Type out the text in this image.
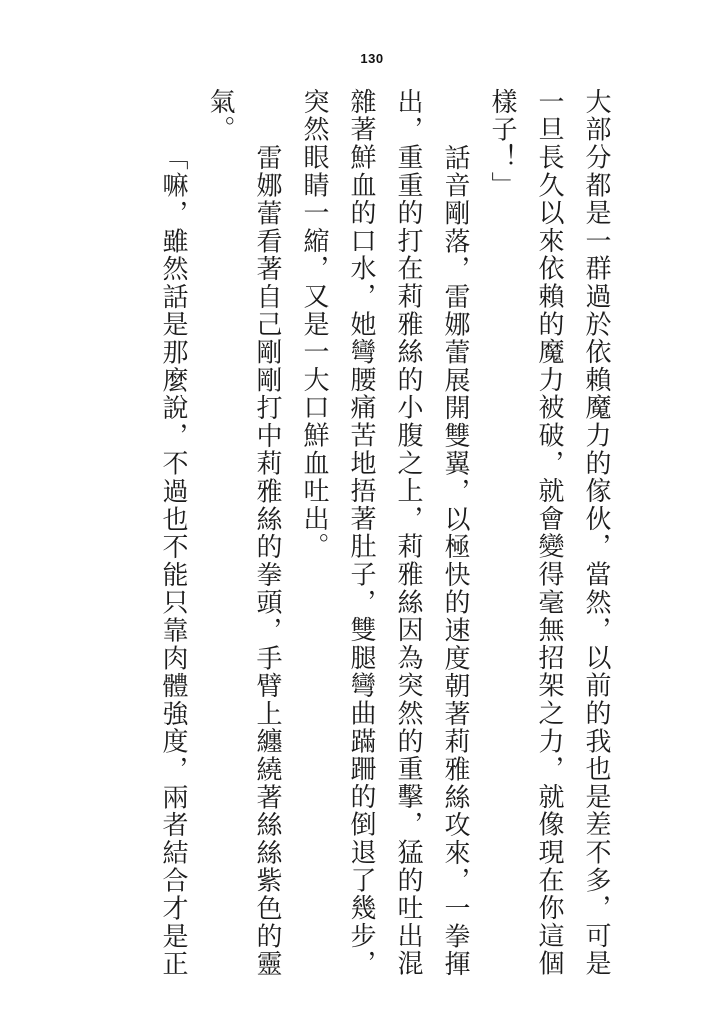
130

大部分都是一群過於依賴魔力的傢伙，當然，以前的我也是差不多，可是一旦長久以來依賴的魔力被破，就會變得毫無招架之力，就像現在你這個樣子！」

話音剛落，雷娜蕾展開雙翼，以極快的速度朝著莉雅絲攻來，一拳揮出，重重的打在莉雅絲的小腹之上，莉雅絲因為突然的重擊，猛的吐出混雜著鮮血的口水，她彎腰痛苦地捂著肚子，雙腿彎曲蹣跚的倒退了幾步，突然眼睛一縮，又是一大口鮮血吐出。

雷娜蕾看著自己剛剛打中莉雅絲的拳頭，手臂上纏繞著絲絲紫色的靈氣。

「嘛，雖然話是那麼說，不過也不能只靠肉體強度，兩者結合才是正
